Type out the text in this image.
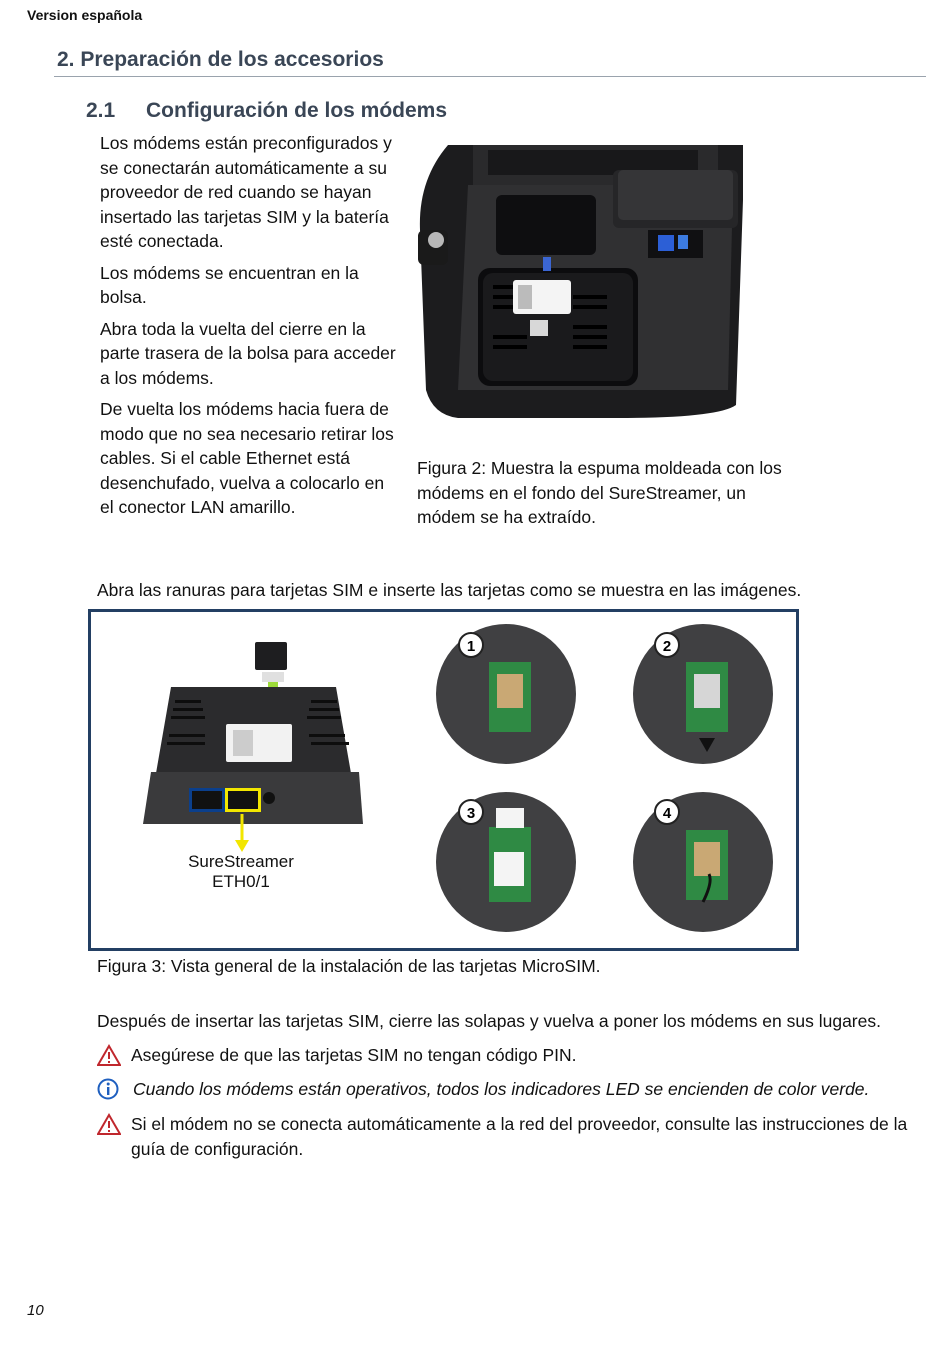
Version española
2. Preparación de los accesorios
2.1 Configuración de los módems

Los módems están preconfigurados y se conectarán automáticamente a su proveedor de red cuando se hayan insertado las tarjetas SIM y la batería esté conectada.

Los módems se encuentran en la bolsa.

Abra toda la vuelta del cierre en la parte trasera de la bolsa para acceder a los módems.

De vuelta los módems hacia fuera de modo que no sea necesario retirar los cables. Si el cable Ethernet está desenchufado, vuelva a colocarlo en el conector LAN amarillo.

Figura 2: Muestra la espuma moldeada con los módems en el fondo del SureStreamer, un módem se ha extraído.
Abra las ranuras para tarjetas SIM e inserte las tarjetas como se muestra en las imágenes.
SureStreamer
ETH0/1
1	2
3	4
Figura 3: Vista general de la instalación de las tarjetas MicroSIM.
Después de insertar las tarjetas SIM, cierre las solapas y vuelva a poner los módems en sus lugares.
Asegúrese de que las tarjetas SIM no tengan código PIN.
Cuando los módems están operativos, todos los indicadores LED se encienden de color verde.
Si el módem no se conecta automáticamente a la red del proveedor, consulte las instrucciones de la guía de configuración.
10
